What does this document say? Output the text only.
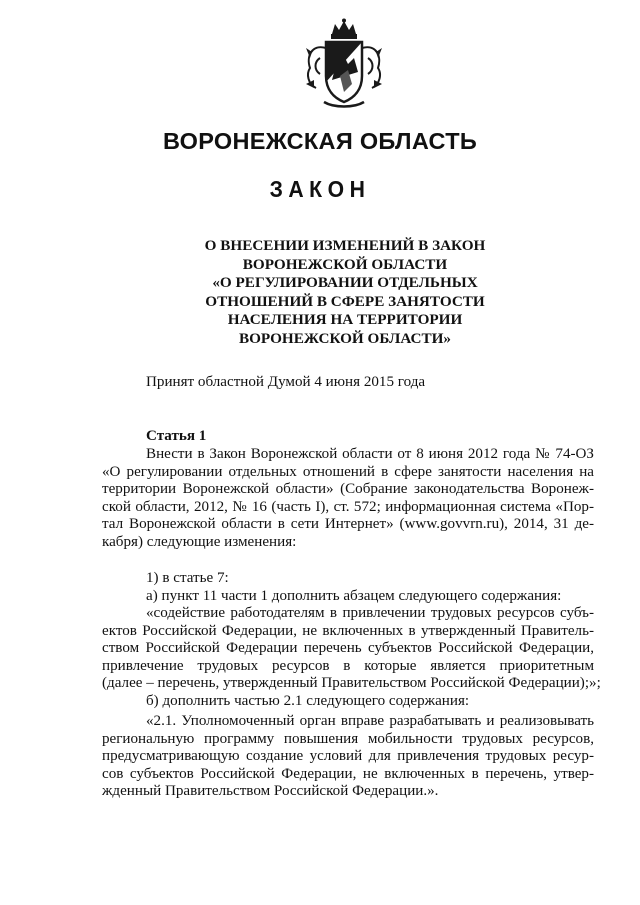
ВОРОНЕЖСКАЯ ОБЛАСТЬ
ЗАКОН
О ВНЕСЕНИИ ИЗМЕНЕНИЙ В ЗАКОН
ВОРОНЕЖСКОЙ ОБЛАСТИ
«О РЕГУЛИРОВАНИИ ОТДЕЛЬНЫХ
ОТНОШЕНИЙ В СФЕРЕ ЗАНЯТОСТИ
НАСЕЛЕНИЯ НА ТЕРРИТОРИИ
ВОРОНЕЖСКОЙ ОБЛАСТИ»
Принят областной Думой 4 июня 2015 года
Статья 1
Внести в Закон Воронежской области от 8 июня 2012 года № 74-ОЗ
«О регулировании отдельных отношений в сфере занятости населения на
территории Воронежской области» (Собрание законодательства Воронеж-
ской области, 2012, № 16 (часть I), ст. 572; информационная система «Пор-
тал Воронежской области в сети Интернет» (www.govvrn.ru), 2014, 31 де-
кабря) следующие изменения:
1) в статье 7:
а) пункт 11 части 1 дополнить абзацем следующего содержания:
«содействие работодателям в привлечении трудовых ресурсов субъ-
ектов Российской Федерации, не включенных в утвержденный Правитель-
ством Российской Федерации перечень субъектов Российской Федерации,
привлечение трудовых ресурсов в которые является приоритетным
(далее – перечень, утвержденный Правительством Российской Федерации);»;
б) дополнить частью 2.1 следующего содержания:
«2.1. Уполномоченный орган вправе разрабатывать и реализовывать
региональную программу повышения мобильности трудовых ресурсов,
предусматривающую создание условий для привлечения трудовых ресур-
сов субъектов Российской Федерации, не включенных в перечень, утвер-
жденный Правительством Российской Федерации.».
